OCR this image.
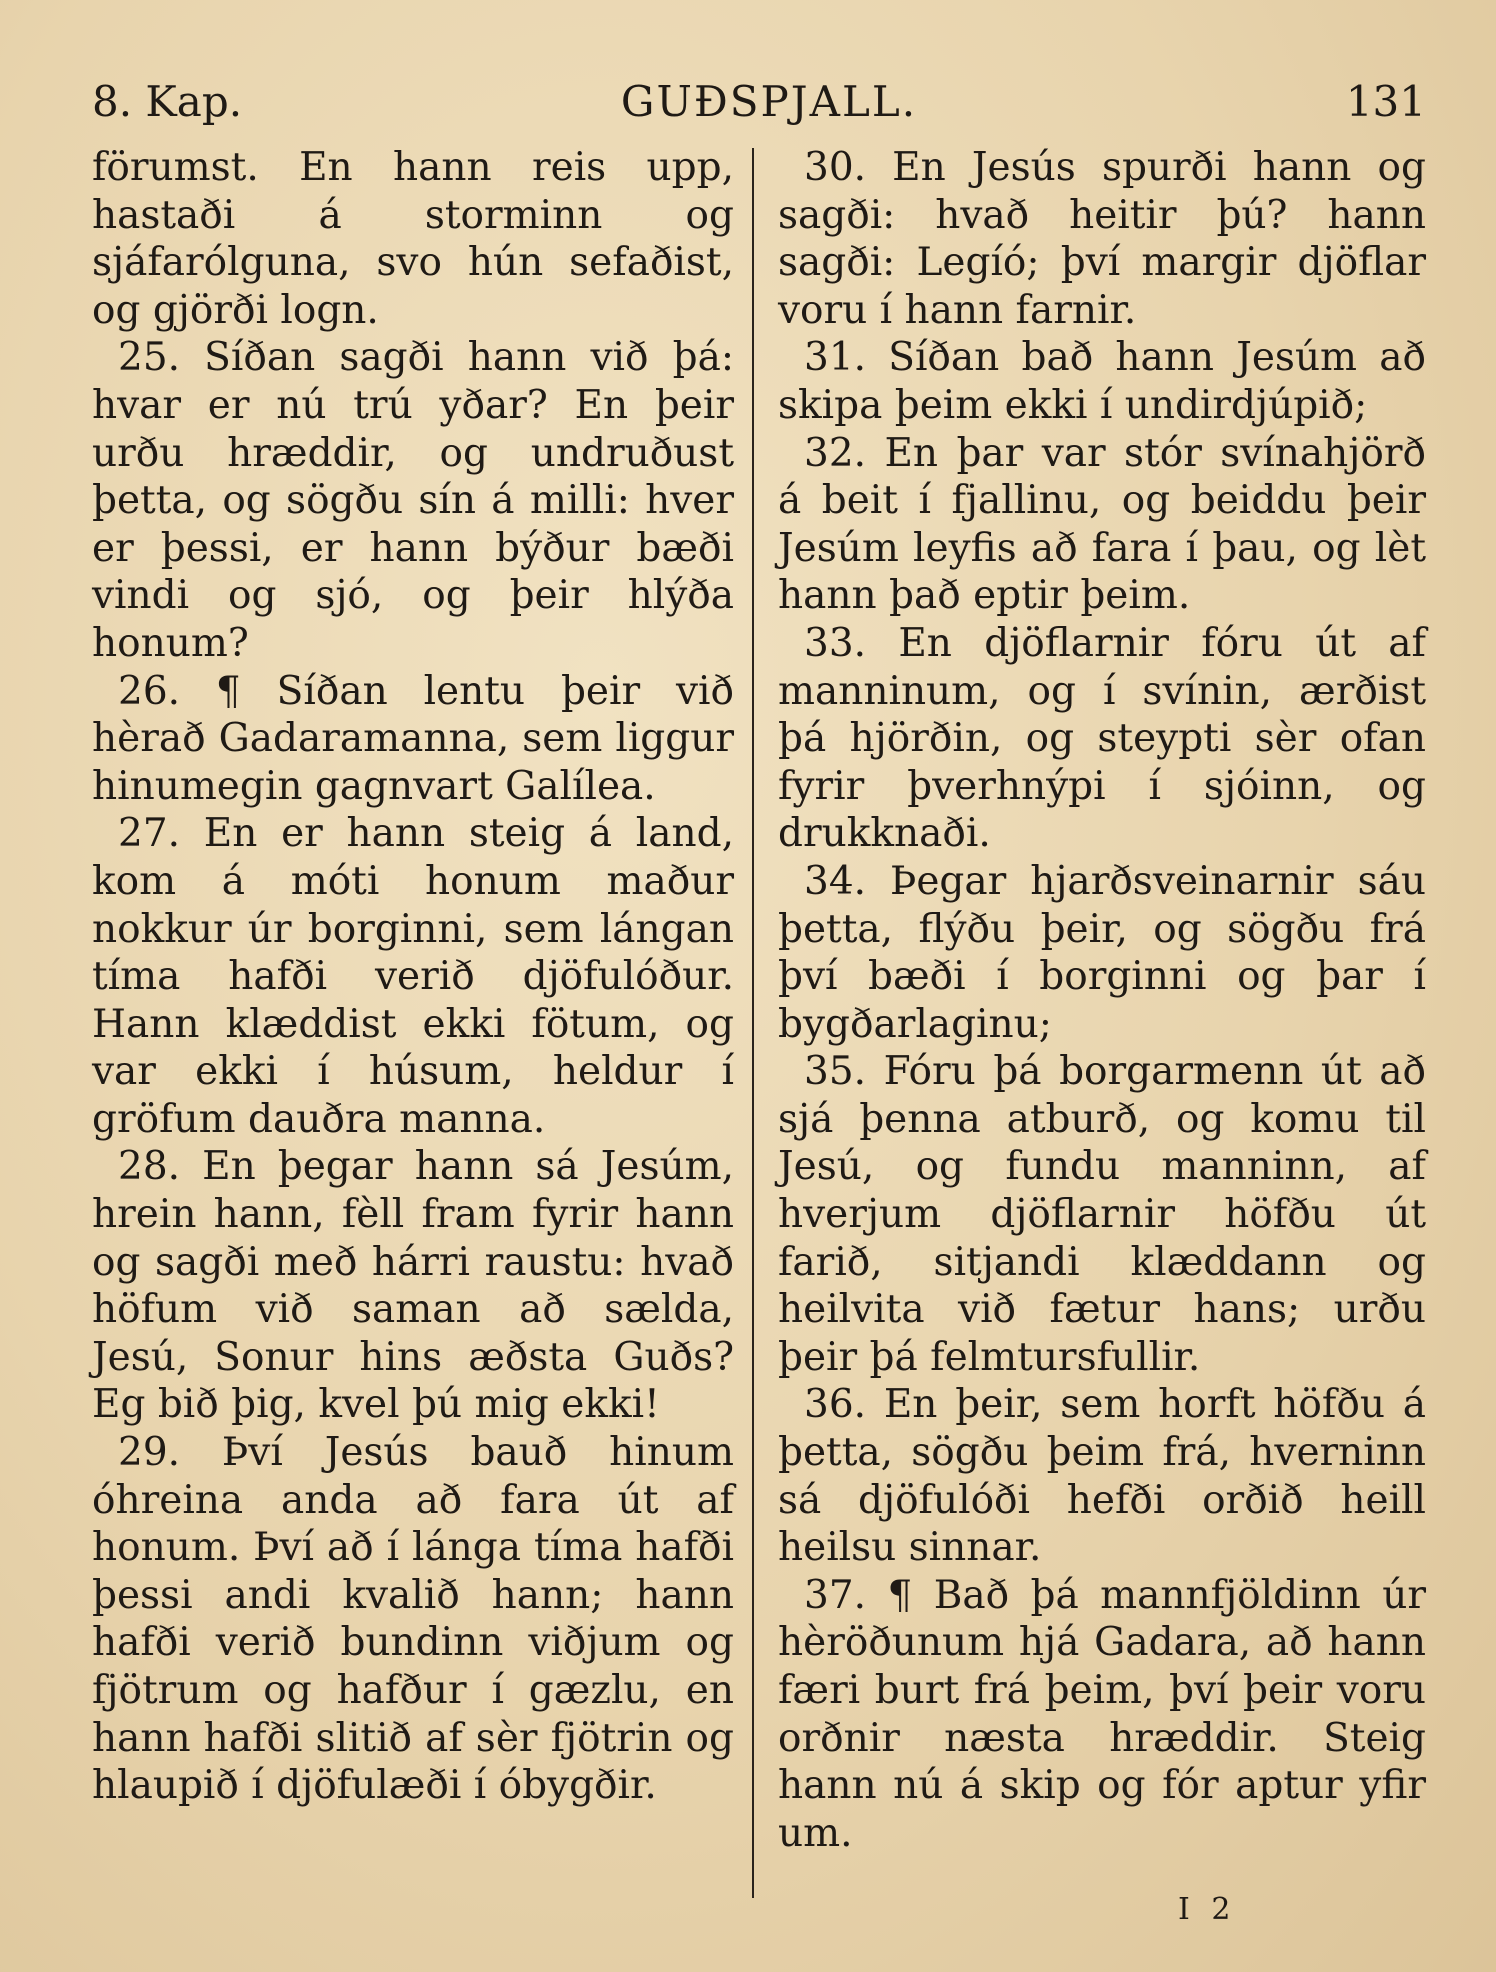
8. Kap.	GUÐSPJALL.	131

förumst. En hann reis upp, hastaði á storminn og sjáfarólguna, svo hún sefaðist, og gjörði logn.

25. Síðan sagði hann við þá: hvar er nú trú yðar? En þeir urðu hræddir, og undruðust þetta, og sögðu sín á milli: hver er þessi, er hann býður bæði vindi og sjó, og þeir hlýða honum?

26. ¶ Síðan lentu þeir við hèrað Gadaramanna, sem liggur hinumegin gagnvart Galílea.

27. En er hann steig á land, kom á móti honum maður nokkur úr borginni, sem lángan tíma hafði verið djöfulóður. Hann klæddist ekki fötum, og var ekki í húsum, heldur í gröfum dauðra manna.

28. En þegar hann sá Jesúm, hrein hann, fèll fram fyrir hann og sagði með hárri raustu: hvað höfum við saman að sælda, Jesú, Sonur hins æðsta Guðs? Eg bið þig, kvel þú mig ekki!

29. Því Jesús bauð hinum óhreina anda að fara út af honum. Því að í lánga tíma hafði þessi andi kvalið hann; hann hafði verið bundinn viðjum og fjötrum og hafður í gæzlu, en hann hafði slitið af sèr fjötrin og hlaupið í djöfulæði í óbygðir.

30. En Jesús spurði hann og sagði: hvað heitir þú? hann sagði: Legíó; því margir djöflar voru í hann farnir.

31. Síðan bað hann Jesúm að skipa þeim ekki í undirdjúpið;

32. En þar var stór svínahjörð á beit í fjallinu, og beiddu þeir Jesúm leyfis að fara í þau, og lèt hann það eptir þeim.

33. En djöflarnir fóru út af manninum, og í svínin, ærðist þá hjörðin, og steypti sèr ofan fyrir þverhnýpi í sjóinn, og drukknaði.

34. Þegar hjarðsveinarnir sáu þetta, flýðu þeir, og sögðu frá því bæði í borginni og þar í bygðarlaginu;

35. Fóru þá borgarmenn út að sjá þenna atburð, og komu til Jesú, og fundu manninn, af hverjum djöflarnir höfðu út farið, sitjandi klæddann og heilvita við fætur hans; urðu þeir þá felmtursfullir.

36. En þeir, sem horft höfðu á þetta, sögðu þeim frá, hverninn sá djöfulóði hefði orðið heill heilsu sinnar.

37. ¶ Bað þá mannfjöldinn úr hèröðunum hjá Gadara, að hann færi burt frá þeim, því þeir voru orðnir næsta hræddir. Steig hann nú á skip og fór aptur yfir um.

I 2
